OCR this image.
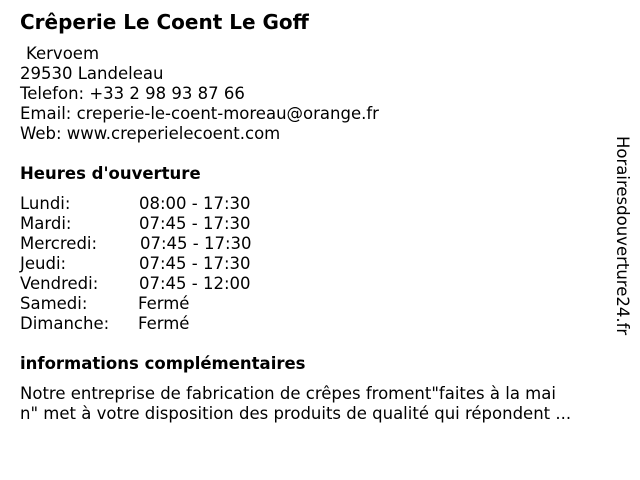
Crêperie Le Coent Le Goff
Kervoem
29530 Landeleau
Telefon: +33 2 98 93 87 66
Email: creperie-le-coent-moreau@orange.fr
Web: www.creperielecoent.com
Heures d'ouverture
Lundi:	08:00 - 17:30
Mardi:	07:45 - 17:30
Mercredi:	07:45 - 17:30
Jeudi:	07:45 - 17:30
Vendredi: 07:45 - 12:00
Samedi:	Fermé
Dimanche: Fermé
informations complémentaires
Notre entreprise de fabrication de crêpes froment"faites à la mai
n" met à votre disposition des produits de qualité qui répondent ...
Horairesdouverture24.fr
